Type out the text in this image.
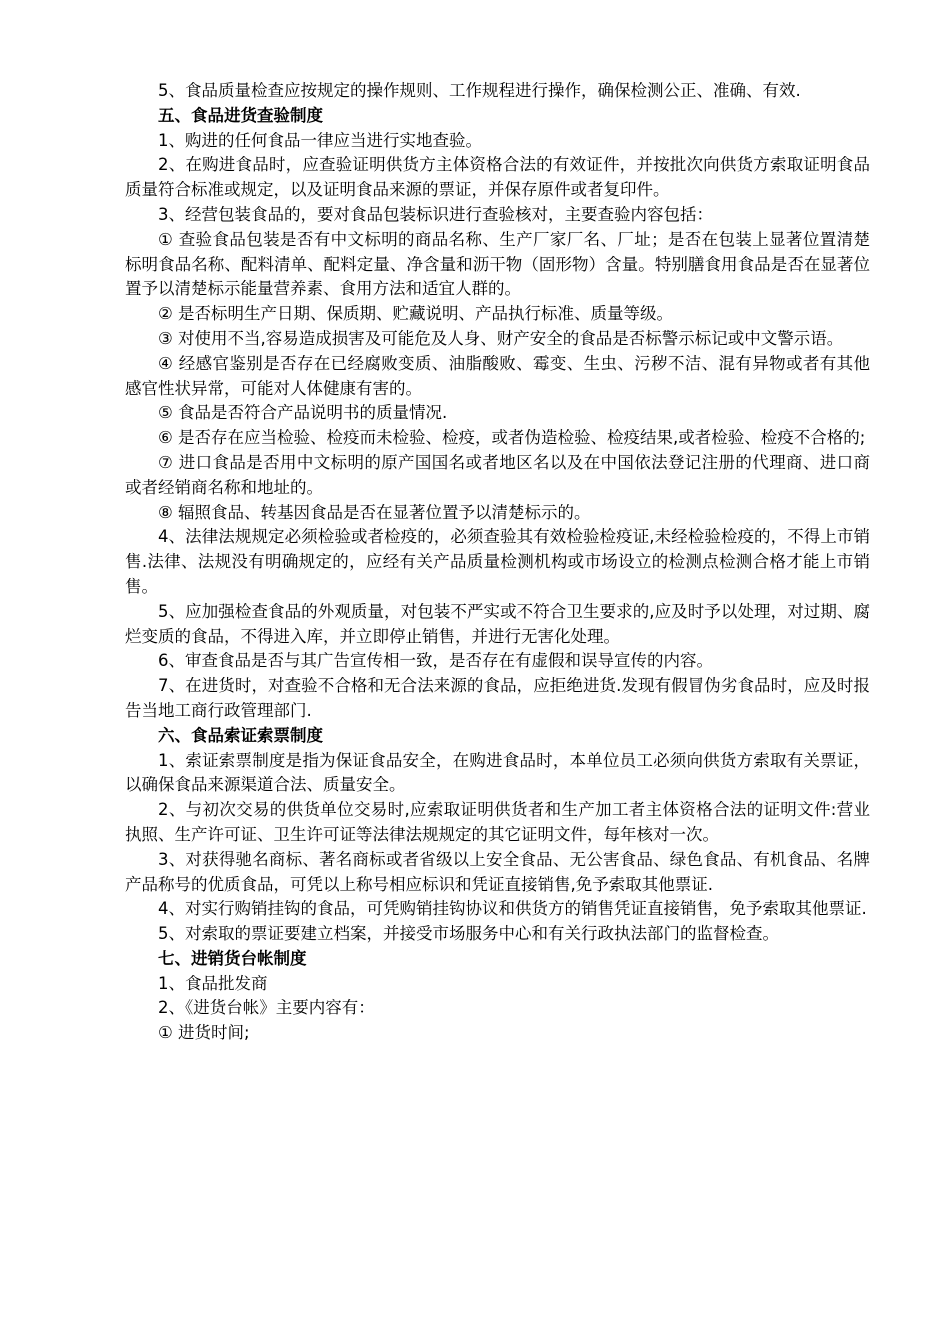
5、食品质量检查应按规定的操作规则、工作规程进行操作，确保检测公正、准确、有效.

五、食品进货查验制度

1、购进的任何食品一律应当进行实地查验。

2、在购进食品时，应查验证明供货方主体资格合法的有效证件，并按批次向供货方索取证明食品质量符合标准或规定，以及证明食品来源的票证，并保存原件或者复印件。

3、经营包装食品的，要对食品包装标识进行查验核对，主要查验内容包括：

① 查验食品包装是否有中文标明的商品名称、生产厂家厂名、厂址；是否在包装上显著位置清楚标明食品名称、配料清单、配料定量、净含量和沥干物（固形物）含量。特别膳食用食品是否在显著位置予以清楚标示能量营养素、食用方法和适宜人群的。

② 是否标明生产日期、保质期、贮藏说明、产品执行标准、质量等级。

③ 对使用不当,容易造成损害及可能危及人身、财产安全的食品是否标警示标记或中文警示语。

④ 经感官鉴别是否存在已经腐败变质、油脂酸败、霉变、生虫、污秽不洁、混有异物或者有其他感官性状异常，可能对人体健康有害的。

⑤ 食品是否符合产品说明书的质量情况.

⑥ 是否存在应当检验、检疫而未检验、检疫，或者伪造检验、检疫结果,或者检验、检疫不合格的;

⑦ 进口食品是否用中文标明的原产国国名或者地区名以及在中国依法登记注册的代理商、进口商或者经销商名称和地址的。

⑧ 辐照食品、转基因食品是否在显著位置予以清楚标示的。

4、法律法规规定必须检验或者检疫的，必须查验其有效检验检疫证,未经检验检疫的，不得上市销售.法律、法规没有明确规定的，应经有关产品质量检测机构或市场设立的检测点检测合格才能上市销售。

5、应加强检查食品的外观质量，对包装不严实或不符合卫生要求的,应及时予以处理，对过期、腐烂变质的食品，不得进入库，并立即停止销售，并进行无害化处理。

6、审查食品是否与其广告宣传相一致，是否存在有虚假和误导宣传的内容。

7、在进货时，对查验不合格和无合法来源的食品，应拒绝进货.发现有假冒伪劣食品时，应及时报告当地工商行政管理部门.

六、食品索证索票制度

1、索证索票制度是指为保证食品安全，在购进食品时，本单位员工必须向供货方索取有关票证，以确保食品来源渠道合法、质量安全。

2、与初次交易的供货单位交易时,应索取证明供货者和生产加工者主体资格合法的证明文件:营业执照、生产许可证、卫生许可证等法律法规规定的其它证明文件，每年核对一次。

3、对获得驰名商标、著名商标或者省级以上安全食品、无公害食品、绿色食品、有机食品、名牌产品称号的优质食品，可凭以上称号相应标识和凭证直接销售,免予索取其他票证.

4、对实行购销挂钩的食品，可凭购销挂钩协议和供货方的销售凭证直接销售，免予索取其他票证.

5、对索取的票证要建立档案，并接受市场服务中心和有关行政执法部门的监督检查。

七、进销货台帐制度

1、食品批发商

2、《进货台帐》主要内容有：

① 进货时间;
